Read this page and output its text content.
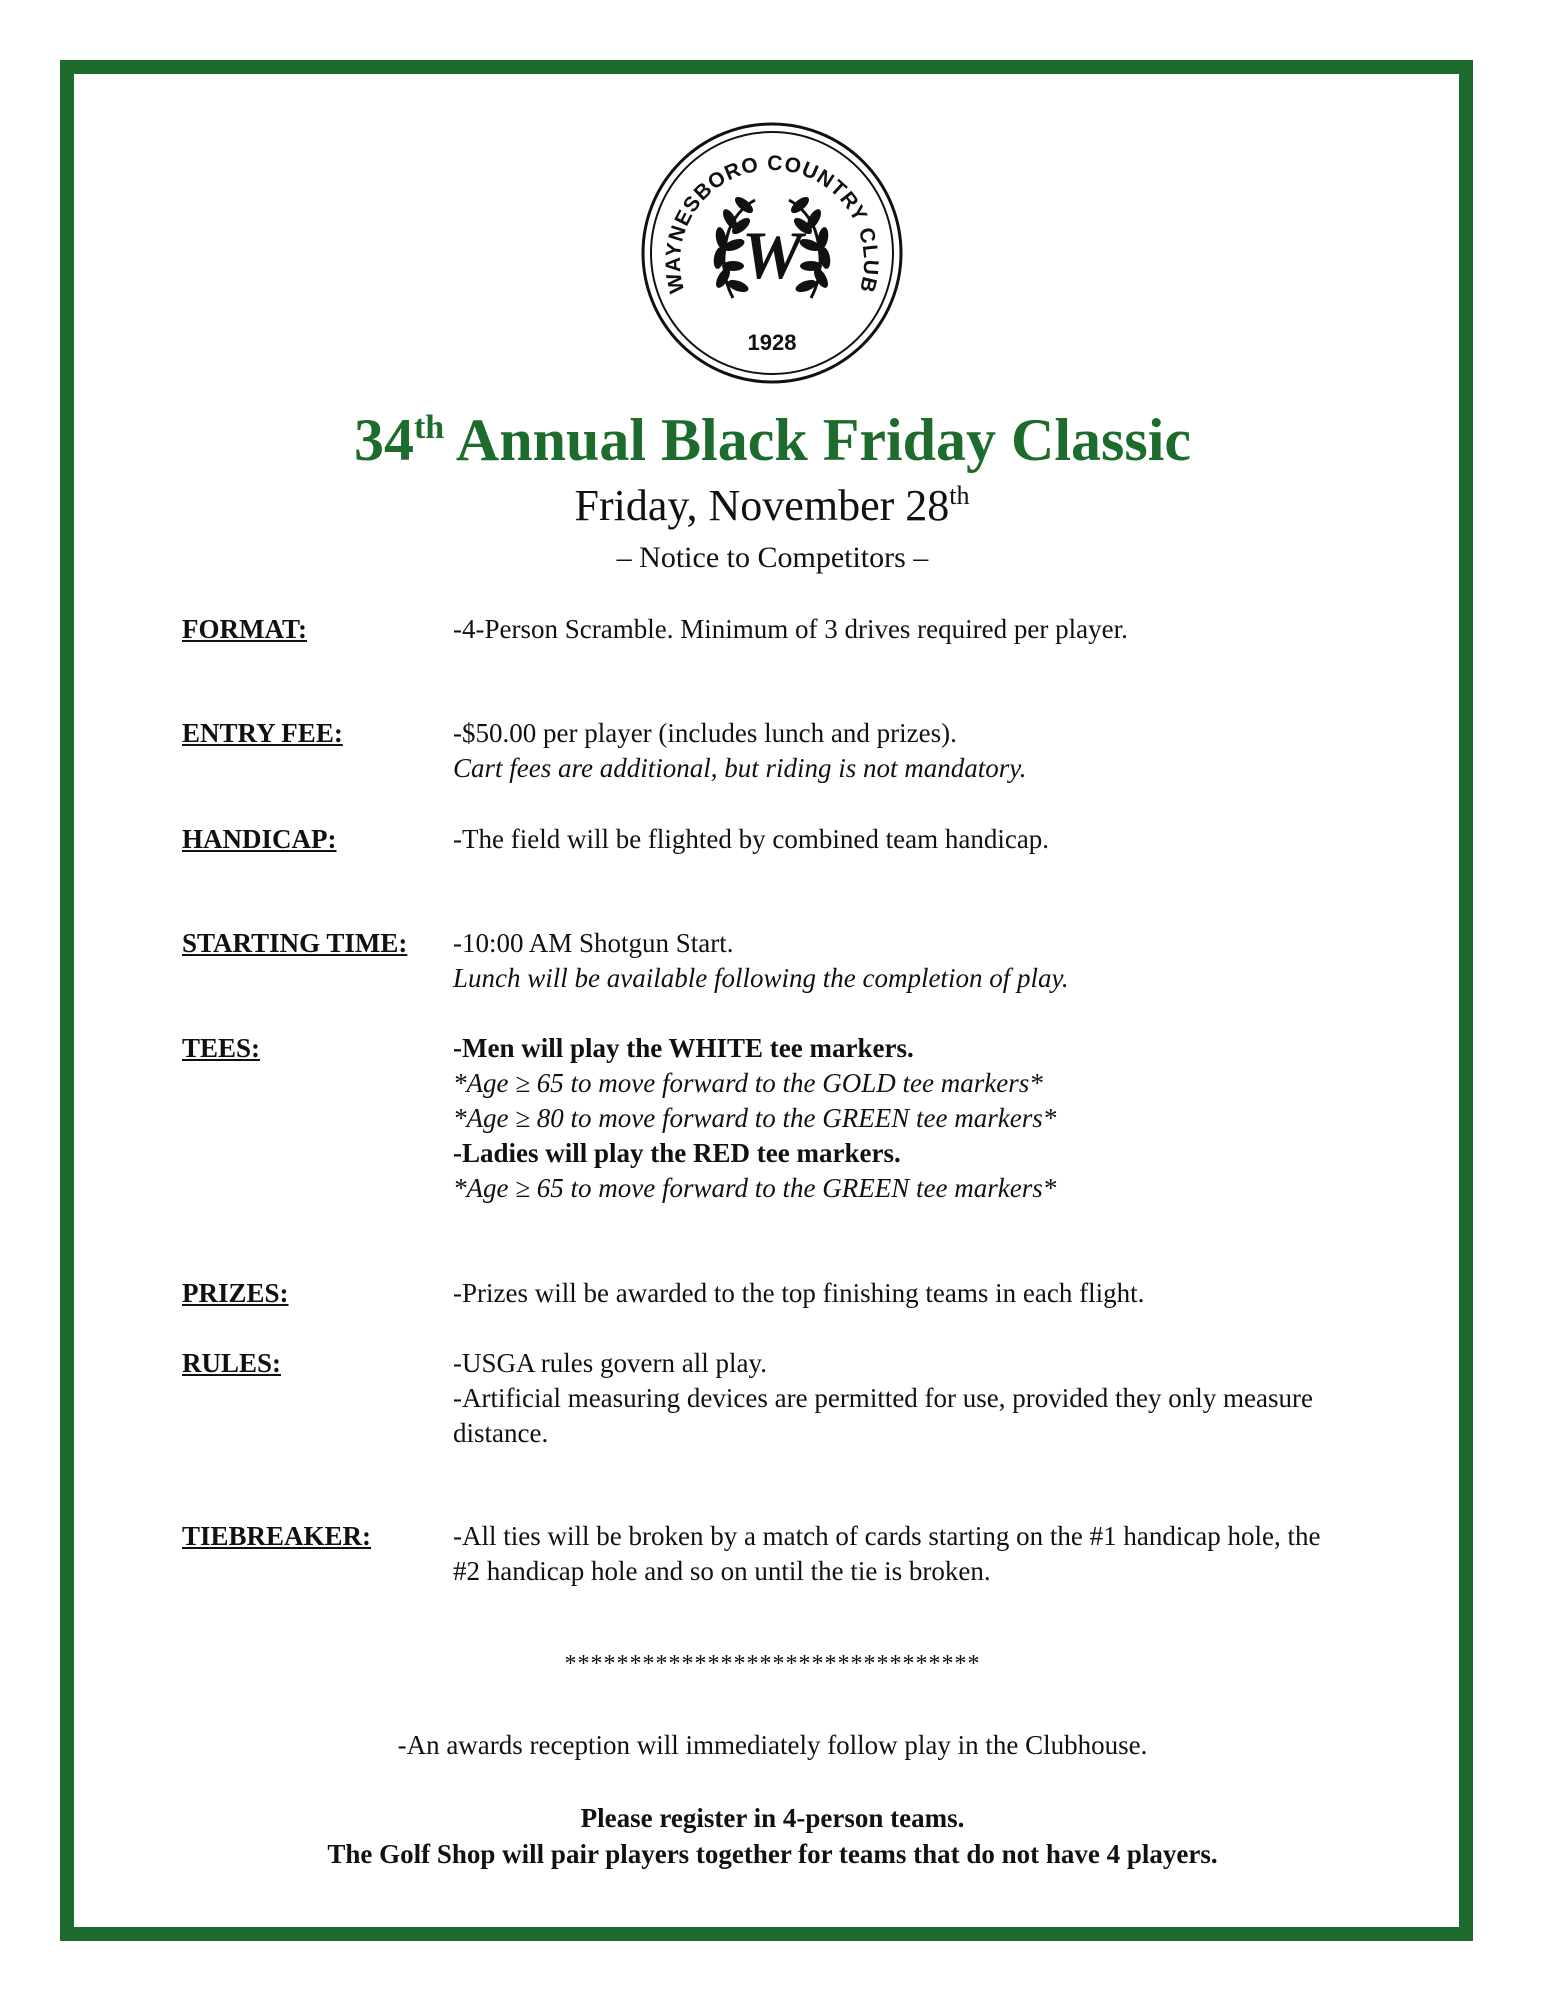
WAYNESBORO COUNTRY CLUB
W
1928
34th Annual Black Friday Classic
Friday, November 28th
– Notice to Competitors –
FORMAT:	-4-Person Scramble. Minimum of 3 drives required per player.
ENTRY FEE:	-$50.00 per player (includes lunch and prizes).
Cart fees are additional, but riding is not mandatory.
HANDICAP:	-The field will be flighted by combined team handicap.
STARTING TIME: -10:00 AM Shotgun Start.
Lunch will be available following the completion of play.
TEES:	-Men will play the WHITE tee markers.
*Age ≥ 65 to move forward to the GOLD tee markers*
*Age ≥ 80 to move forward to the GREEN tee markers*
-Ladies will play the RED tee markers.
*Age ≥ 65 to move forward to the GREEN tee markers*
PRIZES:	-Prizes will be awarded to the top finishing teams in each flight.
RULES:	-USGA rules govern all play.
-Artificial measuring devices are permitted for use, provided they only measure distance.
TIEBREAKER:	-All ties will be broken by a match of cards starting on the #1 handicap hole, the #2 handicap hole and so on until the tie is broken.
********************************
-An awards reception will immediately follow play in the Clubhouse.
Please register in 4-person teams.
The Golf Shop will pair players together for teams that do not have 4 players.
